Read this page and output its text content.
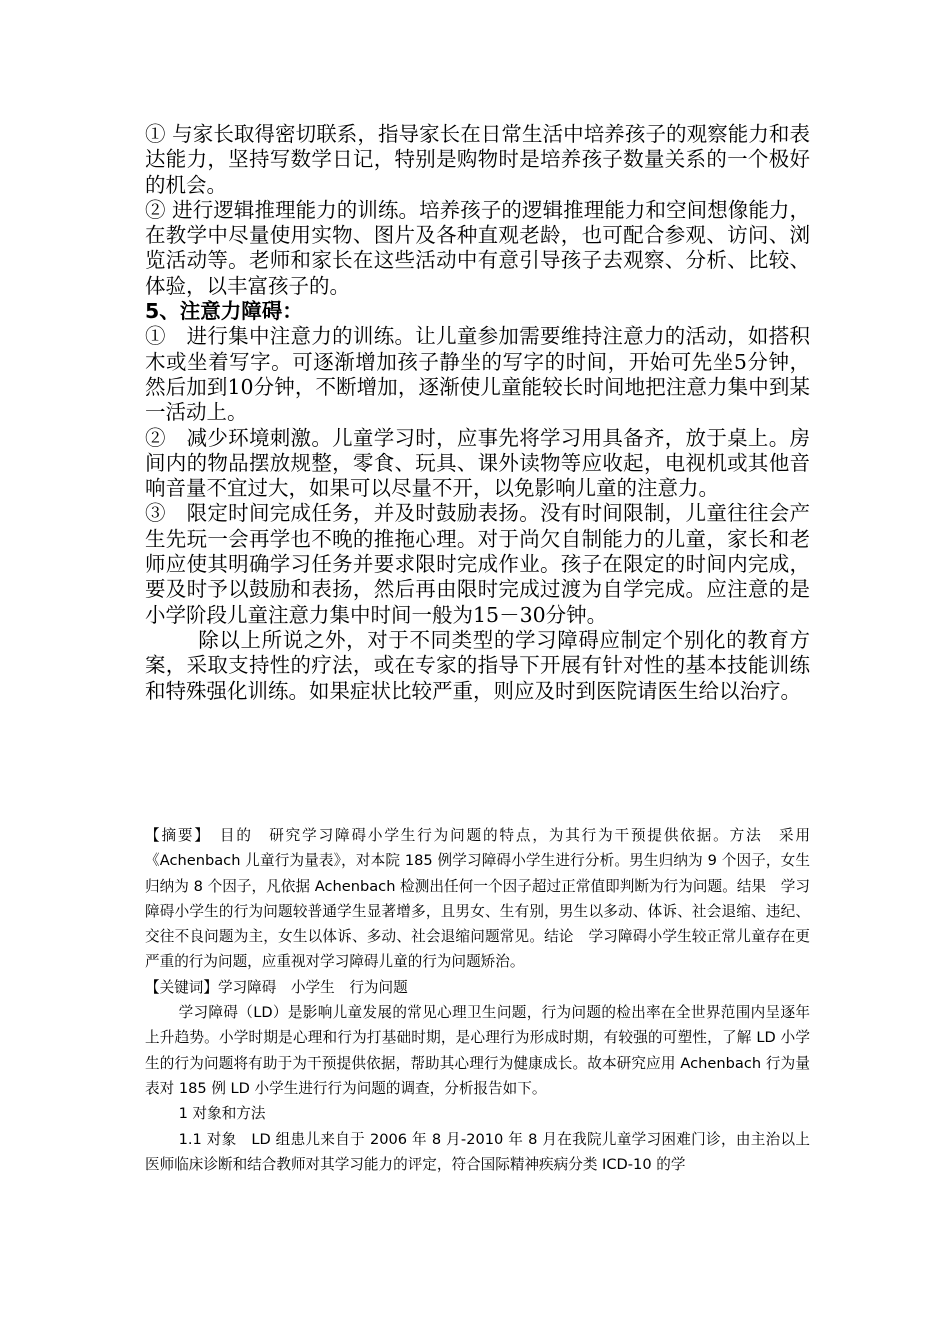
① 与家长取得密切联系，指导家长在日常生活中培养孩子的观察能力和表达能力，坚持写数学日记，特别是购物时是培养孩子数量关系的一个极好的机会。

② 进行逻辑推理能力的训练。培养孩子的逻辑推理能力和空间想像能力，在教学中尽量使用实物、图片及各种直观老龄，也可配合参观、访问、浏览活动等。老师和家长在这些活动中有意引导孩子去观察、分析、比较、体验，以丰富孩子的。

5、注意力障碍：

①　进行集中注意力的训练。让儿童参加需要维持注意力的活动，如搭积木或坐着写字。可逐渐增加孩子静坐的写字的时间，开始可先坐5分钟，然后加到10分钟，不断增加，逐渐使儿童能较长时间地把注意力集中到某一活动上。

②　减少环境刺激。儿童学习时，应事先将学习用具备齐，放于桌上。房间内的物品摆放规整，零食、玩具、课外读物等应收起，电视机或其他音响音量不宜过大，如果可以尽量不开，以免影响儿童的注意力。

③　限定时间完成任务，并及时鼓励表扬。没有时间限制，儿童往往会产生先玩一会再学也不晚的推拖心理。对于尚欠自制能力的儿童，家长和老师应使其明确学习任务并要求限时完成作业。孩子在限定的时间内完成，要及时予以鼓励和表扬，然后再由限时完成过渡为自学完成。应注意的是小学阶段儿童注意力集中时间一般为15－30分钟。

除以上所说之外，对于不同类型的学习障碍应制定个别化的教育方案，采取支持性的疗法，或在专家的指导下开展有针对性的基本技能训练和特殊强化训练。如果症状比较严重，则应及时到医院请医生给以治疗。

【摘要】　目的　研究学习障碍小学生行为问题的特点，为其行为干预提供依据。方法　采用《Achenbach 儿童行为量表》，对本院 185 例学习障碍小学生进行分析。男生归纳为 9 个因子，女生归纳为 8 个因子，凡依据 Achenbach 检测出任何一个因子超过正常值即判断为行为问题。结果　学习障碍小学生的行为问题较普通学生显著增多，且男女、生有别，男生以多动、体诉、社会退缩、违纪、交往不良问题为主，女生以体诉、多动、社会退缩问题常见。结论　学习障碍小学生较正常儿童存在更严重的行为问题，应重视对学习障碍儿童的行为问题矫治。

【关键词】学习障碍　小学生　行为问题

学习障碍（LD）是影响儿童发展的常见心理卫生问题，行为问题的检出率在全世界范围内呈逐年上升趋势。小学时期是心理和行为打基础时期，是心理行为形成时期，有较强的可塑性，了解 LD 小学生的行为问题将有助于为干预提供依据，帮助其心理行为健康成长。故本研究应用 Achenbach 行为量表对 185 例 LD 小学生进行行为问题的调查，分析报告如下。

1 对象和方法

1.1 对象　LD 组患儿来自于 2006 年 8 月-2010 年 8 月在我院儿童学习困难门诊，由主治以上医师临床诊断和结合教师对其学习能力的评定，符合国际精神疾病分类 ICD-10 的学
